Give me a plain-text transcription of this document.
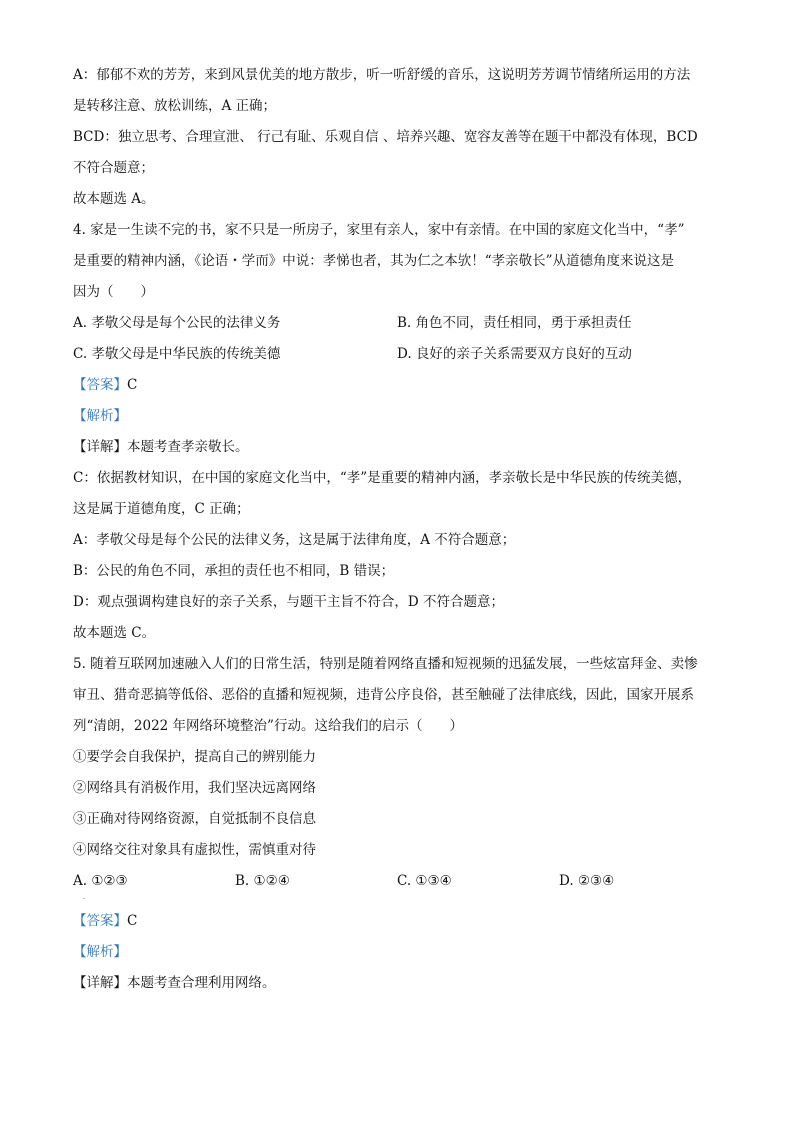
A：郁郁不欢的芳芳，来到风景优美的地方散步，听一听舒缓的音乐，这说明芳芳调节情绪所运用的方法
是转移注意、放松训练，A 正确；
BCD：独立思考、合理宣泄、 行己有耻、乐观自信 、培养兴趣、宽容友善等在题干中都没有体现，BCD
不符合题意；
故本题选 A。
4. 家是一生读不完的书，家不只是一所房子，家里有亲人，家中有亲情。在中国的家庭文化当中，“孝”
是重要的精神内涵，《论语・学而》中说：孝悌也者，其为仁之本欤！“孝亲敬长”从道德角度来说这是
因为（　　）
A. 孝敬父母是每个公民的法律义务	B. 角色不同，责任相同，勇于承担责任
C. 孝敬父母是中华民族的传统美德	D. 良好的亲子关系需要双方良好的互动
【答案】C
【解析】
【详解】本题考查孝亲敬长。
C：依据教材知识，在中国的家庭文化当中，“孝”是重要的精神内涵，孝亲敬长是中华民族的传统美德，
这是属于道德角度，C 正确；
A：孝敬父母是每个公民的法律义务，这是属于法律角度，A 不符合题意；
B：公民的角色不同，承担的责任也不相同，B 错误；
D：观点强调构建良好的亲子关系，与题干主旨不符合，D 不符合题意；
故本题选 C。
5. 随着互联网加速融入人们的日常生活，特别是随着网络直播和短视频的迅猛发展，一些炫富拜金、卖惨
审丑、猎奇恶搞等低俗、恶俗的直播和短视频，违背公序良俗，甚至触碰了法律底线，因此，国家开展系
列“清朗，2022 年网络环境整治”行动。这给我们的启示（　　）
①要学会自我保护，提高自己的辨别能力
②网络具有消极作用，我们坚决远离网络
③正确对待网络资源，自觉抵制不良信息
④网络交往对象具有虚拟性，需慎重对待
A. ①②③	B. ①②④	C. ①③④	D. ②③④
·
【答案】C
【解析】
【详解】本题考查合理利用网络。
